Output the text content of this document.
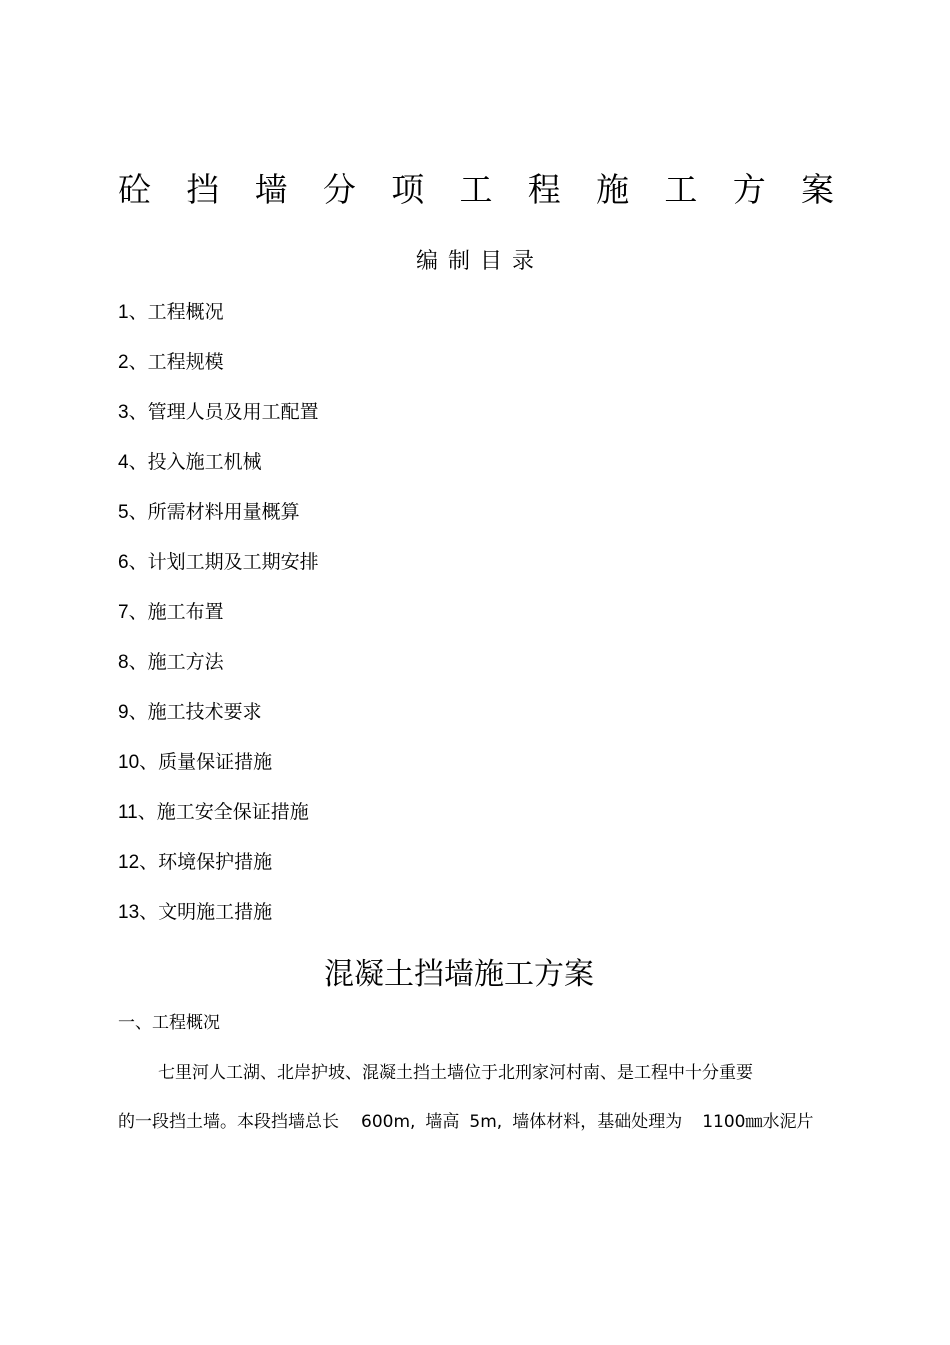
砼挡墙分项工程施工方案
编制目录
1、工程概况
2、工程规模
3、管理人员及用工配置
4、投入施工机械
5、所需材料用量概算
6、计划工期及工期安排
7、施工布置
8、施工方法
9、施工技术要求
10、质量保证措施
11、施工安全保证措施
12、环境保护措施
13、文明施工措施
混凝土挡墙施工方案
一、工程概况
七里河人工湖、北岸护坡、混凝土挡土墙位于北刑家河村南、是工程中十分重要
的一段挡土墙。本段挡墙总长 600m, 墙高 5m, 墙体材料，基础处理为 1100㎜水泥片
